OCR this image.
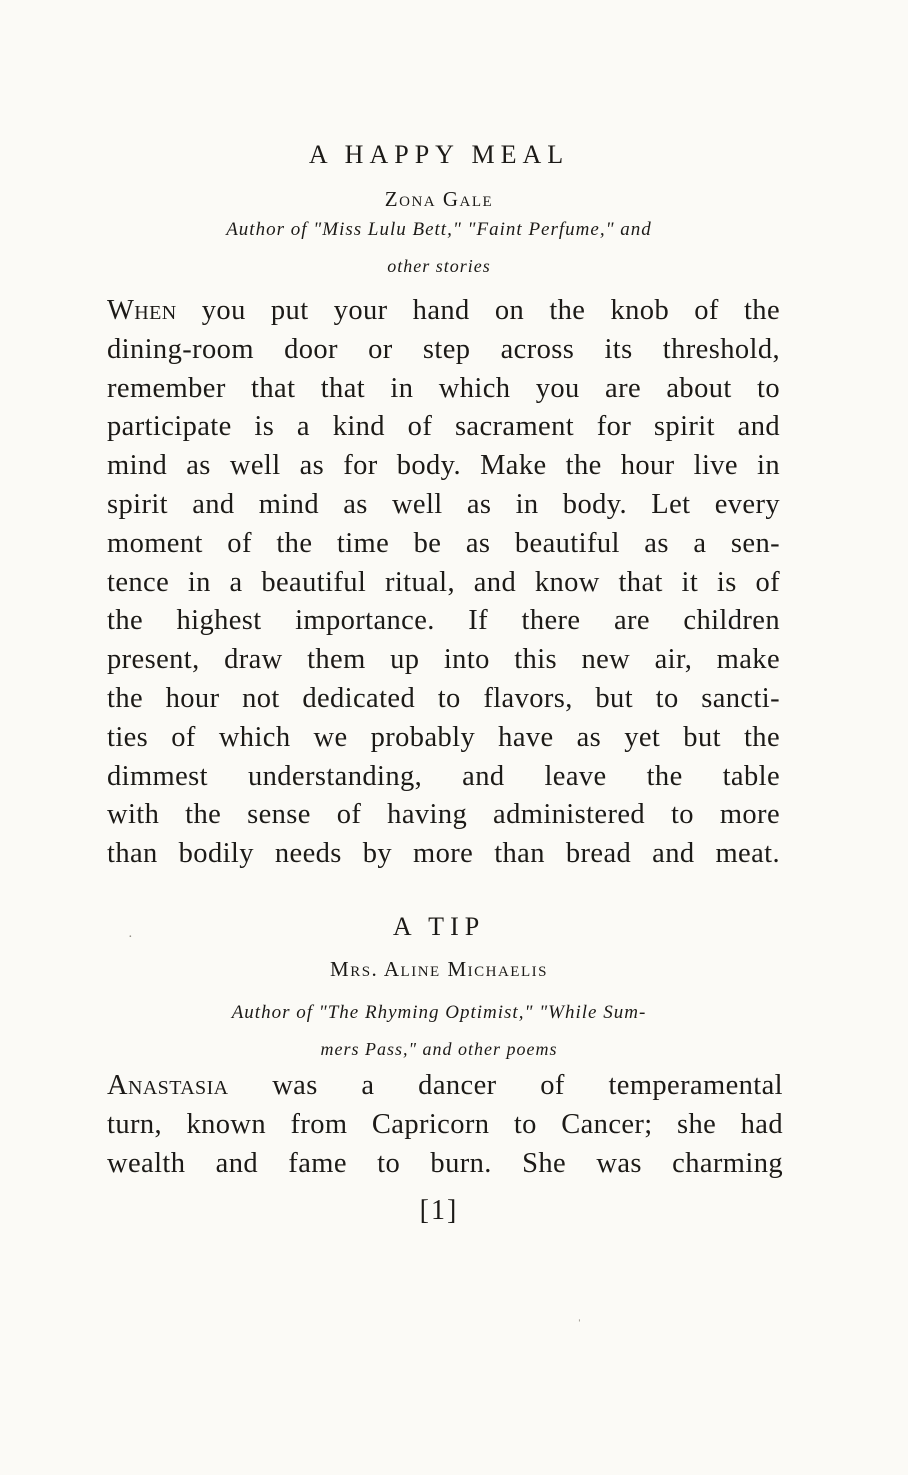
A HAPPY MEAL
Zona Gale
Author of "Miss Lulu Bett," "Faint Perfume," and
other stories
When you put your hand on the knob of the
dining-room door or step across its threshold,
remember that that in which you are about to
participate is a kind of sacrament for spirit and
mind as well as for body. Make the hour live in
spirit and mind as well as in body. Let every
moment of the time be as beautiful as a sen-
tence in a beautiful ritual, and know that it is of
the highest importance. If there are children
present, draw them up into this new air, make
the hour not dedicated to flavors, but to sancti-
ties of which we probably have as yet but the
dimmest understanding, and leave the table
with the sense of having administered to more
than bodily needs by more than bread and meat.
A TIP
Mrs. Aline Michaelis
Author of "The Rhyming Optimist," "While Sum-
mers Pass," and other poems
Anastasia was a dancer of temperamental
turn, known from Capricorn to Cancer; she had
wealth and fame to burn. She was charming
[1]
·
ˈ
